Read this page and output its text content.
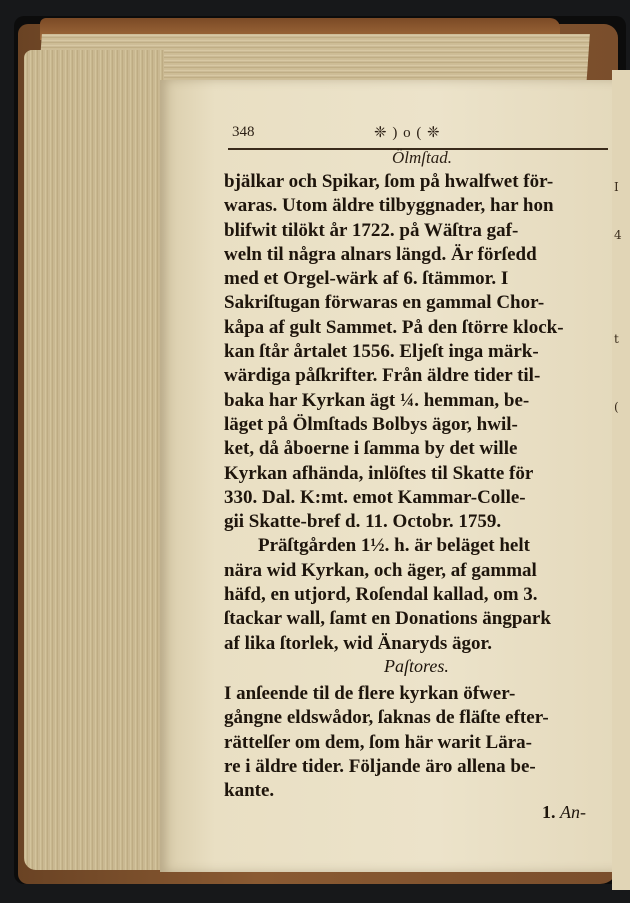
I
4
t
(
348	❈ ) o ( ❈
Ölmſtad.
bjälkar och Spikar, ſom på hwalfwet för-
waras. Utom äldre tilbyggnader, har hon
blifwit tilökt år 1722. på Wäſtra gaf-
weln til några alnars längd. Är förſedd
med et Orgel-wärk af 6. ſtämmor. I
Sakriſtugan förwaras en gammal Chor-
kåpa af gult Sammet. På den ſtörre klock-
kan ſtår årtalet 1556. Eljeſt inga märk-
wärdiga påſkrifter. Från äldre tider til-
baka har Kyrkan ägt ¼. hemman, be-
läget på Ölmſtads Bolbys ägor, hwil-
ket, då åboerne i ſamma by det wille
Kyrkan afhända, inlöſtes til Skatte för
330. Dal. K:mt. emot Kammar-Colle-
gii Skatte-bref d. 11. Octobr. 1759.
Präſtgården 1½. h. är beläget helt
nära wid Kyrkan, och äger, af gammal
häfd, en utjord, Roſendal kallad, om 3.
ſtackar wall, ſamt en Donations ängpark
af lika ſtorlek, wid Änaryds ägor.
Paſtores.
I anſeende til de flere kyrkan öfwer-
gångne eldswådor, ſaknas de fläſte efter-
rättelſer om dem, ſom här warit Lära-
re i äldre tider. Följande äro allena be-
kante.
1. An-
